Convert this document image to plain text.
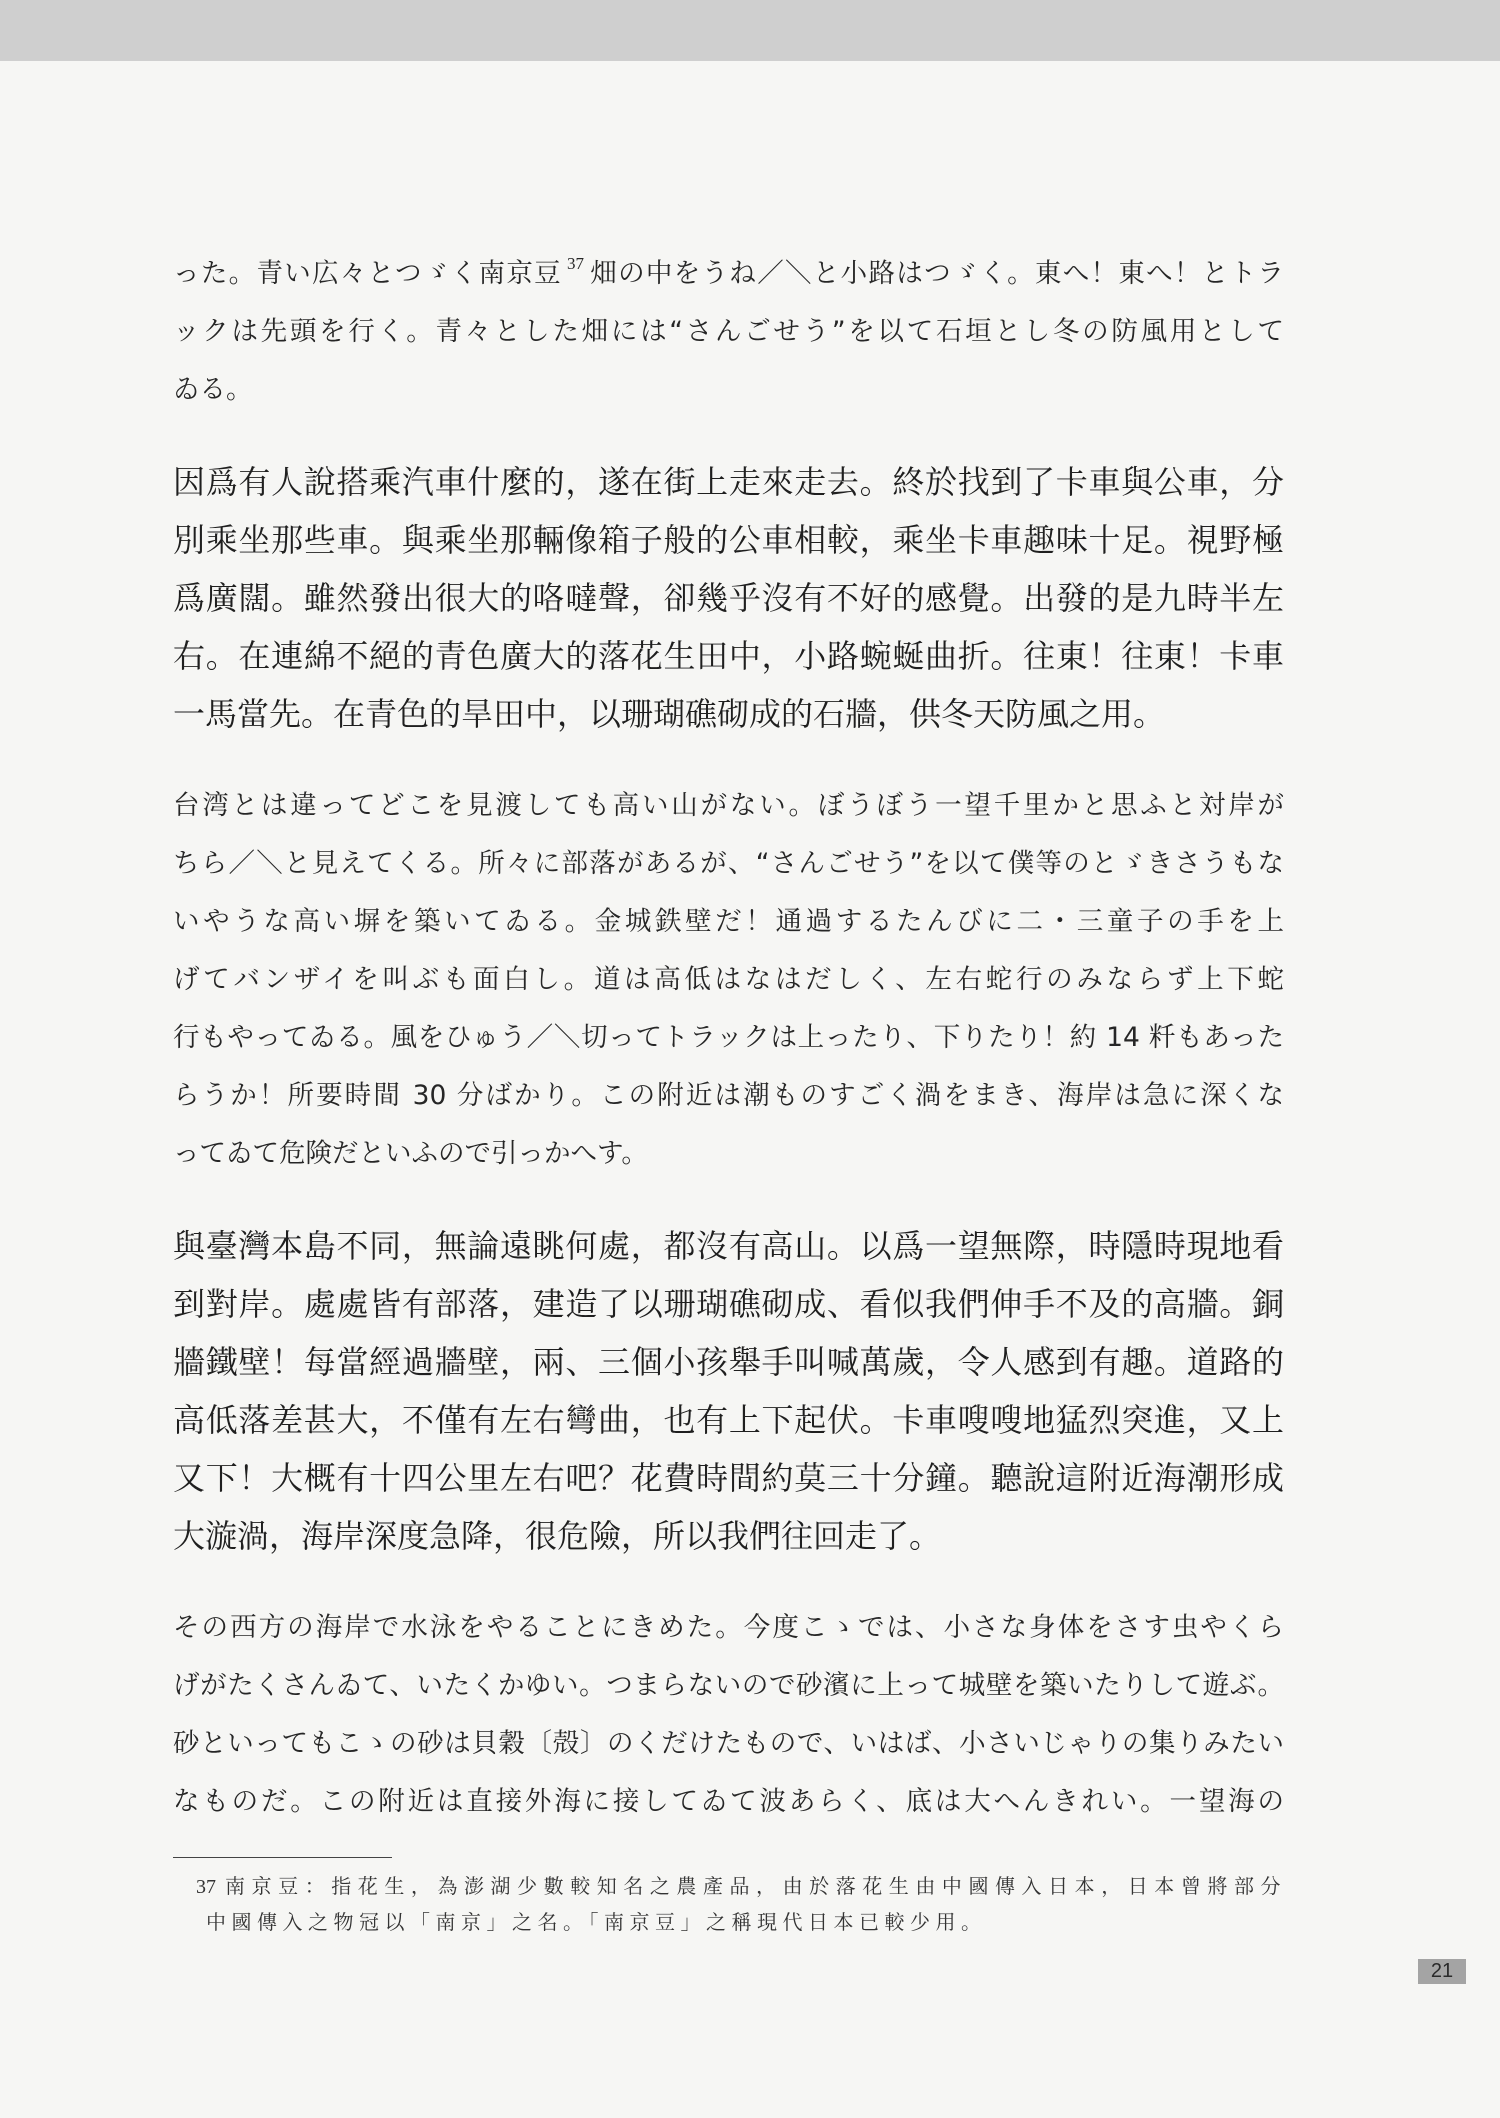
った。青い広々とつゞく南京豆 37 畑の中をうね／＼と小路はつゞく。東へ！東へ！とトラ
ックは先頭を行く。青々とした畑には“さんごせう”を以て石垣とし冬の防風用として
ゐる。

因爲有人說搭乘汽車什麼的，遂在街上走來走去。終於找到了卡車與公車，分
別乘坐那些車。與乘坐那輛像箱子般的公車相較，乘坐卡車趣味十足。視野極
爲廣闊。雖然發出很大的咯噠聲，卻幾乎沒有不好的感覺。出發的是九時半左
右。在連綿不絕的青色廣大的落花生田中，小路蜿蜒曲折。往東！往東！卡車
一馬當先。在青色的旱田中，以珊瑚礁砌成的石牆，供冬天防風之用。

台湾とは違ってどこを見渡しても高い山がない。ぼうぼう一望千里かと思ふと対岸が
ちら／＼と見えてくる。所々に部落があるが、“さんごせう”を以て僕等のとゞきさうもな
いやうな高い塀を築いてゐる。金城鉄壁だ！通過するたんびに二・三童子の手を上
げてバンザイを叫ぶも面白し。道は高低はなはだしく、左右蛇行のみならず上下蛇
行もやってゐる。風をひゅう／＼切ってトラックは上ったり、下りたり！約 14 粁もあった
らうか！所要時間 30 分ばかり。この附近は潮ものすごく渦をまき、海岸は急に深くな
ってゐて危険だといふので引っかへす。

與臺灣本島不同，無論遠眺何處，都沒有高山。以爲一望無際，時隱時現地看
到對岸。處處皆有部落，建造了以珊瑚礁砌成、看似我們伸手不及的高牆。銅
牆鐵壁！每當經過牆壁，兩、三個小孩舉手叫喊萬歲，令人感到有趣。道路的
高低落差甚大，不僅有左右彎曲，也有上下起伏。卡車嗖嗖地猛烈突進，又上
又下！大概有十四公里左右吧？花費時間約莫三十分鐘。聽說這附近海潮形成
大漩渦，海岸深度急降，很危險，所以我們往回走了。

その西方の海岸で水泳をやることにきめた。今度こゝでは、小さな身体をさす虫やくら
げがたくさんゐて、いたくかゆい。つまらないので砂濱に上って城壁を築いたりして遊ぶ。
砂といってもこゝの砂は貝穀〔殻〕のくだけたもので、いはば、小さいじゃりの集りみたい
なものだ。この附近は直接外海に接してゐて波あらく、底は大へんきれい。一望海の

37 南京豆：指花生，為澎湖少數較知名之農產品，由於落花生由中國傳入日本，日本曾將部分
中國傳入之物冠以「南京」之名。「南京豆」之稱現代日本已較少用。
21
